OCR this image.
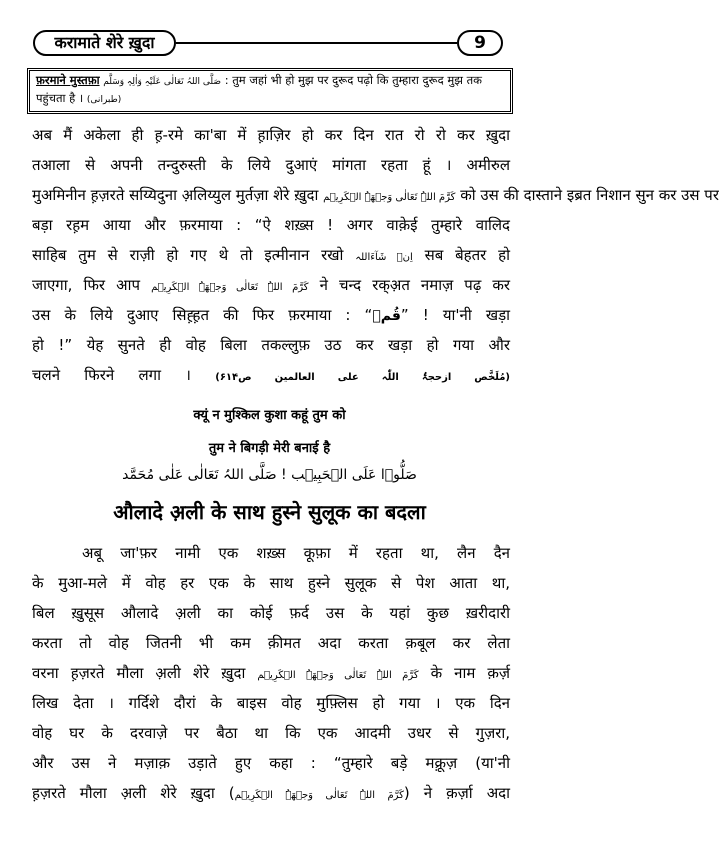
करामाते शेरे ख़ुदा	9
फ़रमाने मुस्तफ़ा صَلَّی اللہُ تَعَالٰی عَلَیْہِ وَاٰلِہٖ وَسَلَّم : तुम जहां भी हो मुझ पर दुरूद पढ़ो कि तुम्हारा दुरूद मुझ तक पहुंचता है । (طبرانی)
अब मैं अकेला ही ह़-रमे का'बा में ह़ाज़िर हो कर दिन रात रो रो कर ख़ुदा
तआला से अपनी तन्दुरुस्ती के लिये दुआएं मांगता रहता हूं । अमीरुल
मुअमिनीन ह़ज़रते सय्यिदुना अ़लिय्युल मुर्तज़ा शेरे ख़ुदा کَرَّمَ اللہُ تَعَالٰی وَجۡھَہُ الۡکَرِیۡم को उस की दास्ताने इब्रत निशान सुन कर उस पर
बड़ा रह़म आया और फ़रमाया : “ऐ शख़्स ! अगर वाक़ेई तुम्हारे वालिद
साहिब तुम से राज़ी हो गए थे तो इत्मीनान रखो اِنۡ شَآءَاللہ सब बेहतर हो
जाएगा, फिर आप کَرَّمَ اللہُ تَعَالٰی وَجۡھَہُ الۡکَرِیۡم ने चन्द रक्अ़त नमाज़ पढ़ कर
उस के लिये दुआए सिह़्ह़त की फिर फ़रमाया : “قُمۡ” ! या'नी खड़ा
हो !” येह सुनते ही वोह बिला तकल्लुफ़ उठ कर खड़ा हो गया और
चलने फिरने लगा । (مُلَخَّص ازحجۃُ اللّٰہ علی العالمین ص۶۱۴)
क्यूं न मुश्किल कुशा कहूं तुम को
तुम ने बिगड़ी मेरी बनाई है
صَلُّوۡا عَلَی الۡحَبِیۡب ! صَلَّی اللہُ تَعَالٰی عَلٰی مُحَمَّد
औलादे अ़ली के साथ हुस्ने सुलूक का बदला
अबू जा'फ़र नामी एक शख़्स कूफ़ा में रहता था, लैन दैन
के मुआ-मले में वोह हर एक के साथ हुस्ने सुलूक से पेश आता था,
बिल ख़ुसूस औलादे अ़ली का कोई फ़र्द उस के यहां कुछ ख़रीदारी
करता तो वोह जितनी भी कम क़ीमत अदा करता क़बूल कर लेता
वरना ह़ज़रते मौला अ़ली शेरे ख़ुदा کَرَّمَ اللہُ تَعَالٰی وَجۡھَہُ الۡکَرِیۡم के नाम क़र्ज़
लिख देता । गर्दिशे दौरां के बाइस वोह मुफ़्लिस हो गया । एक दिन
वोह घर के दरवाज़े पर बैठा था कि एक आदमी उधर से गुज़रा,
और उस ने मज़ाक़ उड़ाते हुए कहा : “तुम्हारे बड़े मक़्रूज़ (या'नी
ह़ज़रते मौला अ़ली शेरे ख़ुदा (کَرَّمَ اللہُ تَعَالٰی وَجۡھَہُ الۡکَرِیۡم) ने क़र्ज़ा अदा
